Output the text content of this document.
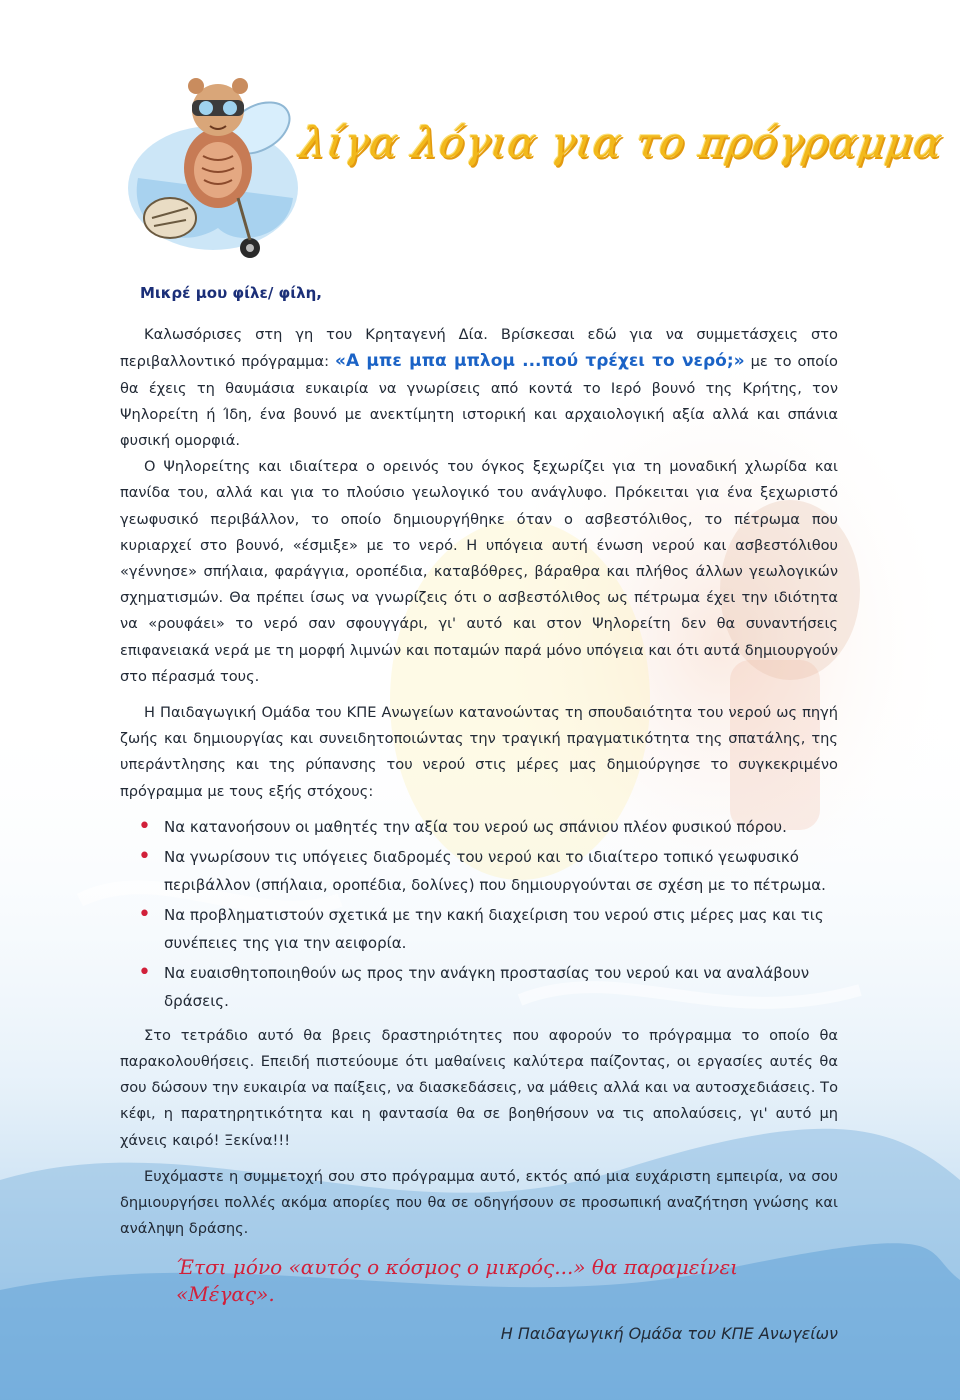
λίγα λόγια για το πρόγραμμα

Μικρέ μου φίλε/ φίλη,

Καλωσόρισες στη γη του Κρηταγενή Δία. Βρίσκεσαι εδώ για να συμμετάσχεις στο περιβαλλοντικό πρόγραμμα: «Α μπε μπα μπλομ ...πού τρέχει το νερό;» με το οποίο θα έχεις τη θαυμάσια ευκαιρία να γνωρίσεις από κοντά το Ιερό βουνό της Κρήτης, τον Ψηλορείτη ή Ίδη, ένα βουνό με ανεκτίμητη ιστορική και αρχαιολογική αξία αλλά και σπάνια φυσική ομορφιά.

Ο Ψηλορείτης και ιδιαίτερα ο ορεινός του όγκος ξεχωρίζει για τη μοναδική χλωρίδα και πανίδα του, αλλά και για το πλούσιο γεωλογικό του ανάγλυφο. Πρόκειται για ένα ξεχωριστό γεωφυσικό περιβάλλον, το οποίο δημιουργήθηκε όταν ο ασβεστόλιθος, το πέτρωμα που κυριαρχεί στο βουνό, «έσμιξε» με το νερό. Η υπόγεια αυτή ένωση νερού και ασβεστόλιθου «γέννησε» σπήλαια, φαράγγια, οροπέδια, καταβόθρες, βάραθρα και πλήθος άλλων γεωλογικών σχηματισμών. Θα πρέπει ίσως να γνωρίζεις ότι ο ασβεστόλιθος ως πέτρωμα έχει την ιδιότητα να «ρουφάει» το νερό σαν σφουγγάρι, γι' αυτό και στον Ψηλορείτη δεν θα συναντήσεις επιφανειακά νερά με τη μορφή λιμνών και ποταμών παρά μόνο υπόγεια και ότι αυτά δημιουργούν στο πέρασμά τους.

Η Παιδαγωγική Ομάδα του ΚΠΕ Ανωγείων κατανοώντας τη σπουδαιότητα του νερού ως πηγή ζωής και δημιουργίας και συνειδητοποιώντας την τραγική πραγματικότητα της σπατάλης, της υπεράντλησης και της ρύπανσης του νερού στις μέρες μας δημιούργησε το συγκεκριμένο πρόγραμμα με τους εξής στόχους:

• Να κατανοήσουν οι μαθητές την αξία του νερού ως σπάνιου πλέον φυσικού πόρου.
• Να γνωρίσουν τις υπόγειες διαδρομές του νερού και το ιδιαίτερο τοπικό γεωφυσικό περιβάλλον (σπήλαια, οροπέδια, δολίνες) που δημιουργούνται σε σχέση με το πέτρωμα.
• Να προβληματιστούν σχετικά με την κακή διαχείριση του νερού στις μέρες μας και τις συνέπειες της για την αειφορία.
• Να ευαισθητοποιηθούν ως προς την ανάγκη προστασίας του νερού και να αναλάβουν δράσεις.

Στο τετράδιο αυτό θα βρεις δραστηριότητες που αφορούν το πρόγραμμα το οποίο θα παρακολουθήσεις. Επειδή πιστεύουμε ότι μαθαίνεις καλύτερα παίζοντας, οι εργασίες αυτές θα σου δώσουν την ευκαιρία να παίξεις, να διασκεδάσεις, να μάθεις αλλά και να αυτοσχεδιάσεις. Το κέφι, η παρατηρητικότητα και η φαντασία θα σε βοηθήσουν να τις απολαύσεις, γι' αυτό μη χάνεις καιρό! Ξεκίνα!!!

Ευχόμαστε η συμμετοχή σου στο πρόγραμμα αυτό, εκτός από μια ευχάριστη εμπειρία, να σου δημιουργήσει πολλές ακόμα απορίες που θα σε οδηγήσουν σε προσωπική αναζήτηση γνώσης και ανάληψη δράσης.

Έτσι μόνο «αυτός ο κόσμος ο μικρός...» θα παραμείνει «Μέγας».

Η Παιδαγωγική Ομάδα του ΚΠΕ Ανωγείων
